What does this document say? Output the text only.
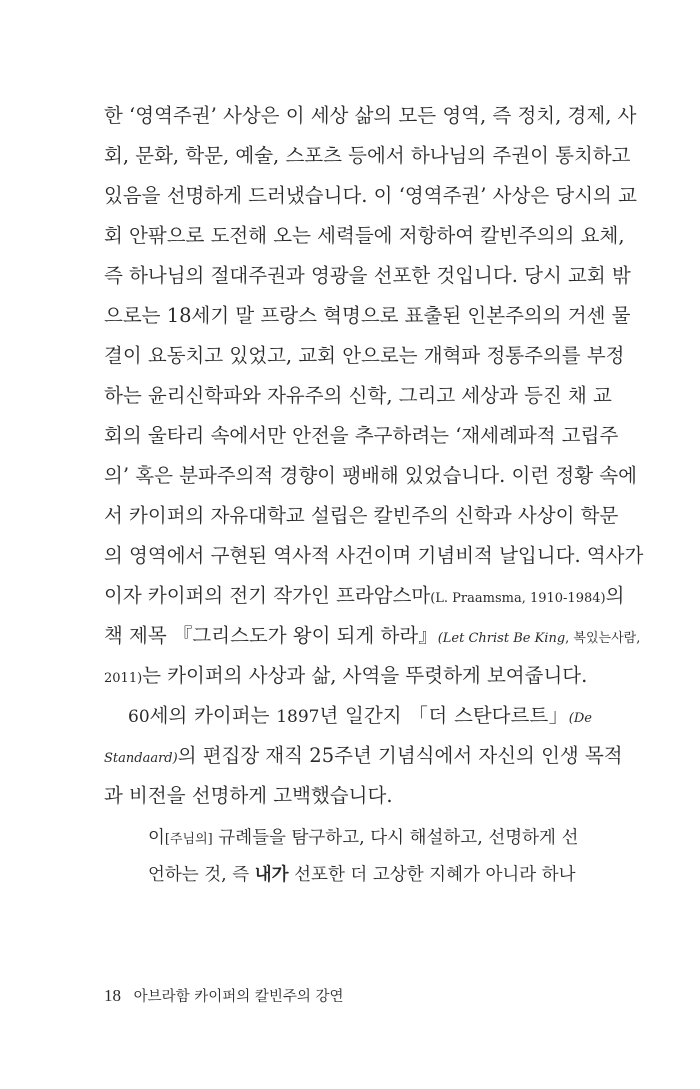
한 ‘영역주권’ 사상은 이 세상 삶의 모든 영역, 즉 정치, 경제, 사
회, 문화, 학문, 예술, 스포츠 등에서 하나님의 주권이 통치하고
있음을 선명하게 드러냈습니다. 이 ‘영역주권’ 사상은 당시의 교
회 안팎으로 도전해 오는 세력들에 저항하여 칼빈주의의 요체,
즉 하나님의 절대주권과 영광을 선포한 것입니다. 당시 교회 밖
으로는 18세기 말 프랑스 혁명으로 표출된 인본주의의 거센 물
결이 요동치고 있었고, 교회 안으로는 개혁파 정통주의를 부정
하는 윤리신학파와 자유주의 신학, 그리고 세상과 등진 채 교
회의 울타리 속에서만 안전을 추구하려는 ‘재세례파적 고립주
의’ 혹은 분파주의적 경향이 팽배해 있었습니다. 이런 정황 속에
서 카이퍼의 자유대학교 설립은 칼빈주의 신학과 사상이 학문
의 영역에서 구현된 역사적 사건이며 기념비적 날입니다. 역사가
이자 카이퍼의 전기 작가인 프라암스마(L. Praamsma, 1910-1984)의
책 제목 『그리스도가 왕이 되게 하라』(Let Christ Be King, 복있는사람,
2011)는 카이퍼의 사상과 삶, 사역을 뚜렷하게 보여줍니다.
60세의 카이퍼는 1897년 일간지 「더 스탄다르트」(De
Standaard)의 편집장 재직 25주년 기념식에서 자신의 인생 목적
과 비전을 선명하게 고백했습니다.
이[주님의] 규례들을 탐구하고, 다시 해설하고, 선명하게 선
언하는 것, 즉 내가 선포한 더 고상한 지혜가 아니라 하나
18 아브라함 카이퍼의 칼빈주의 강연
